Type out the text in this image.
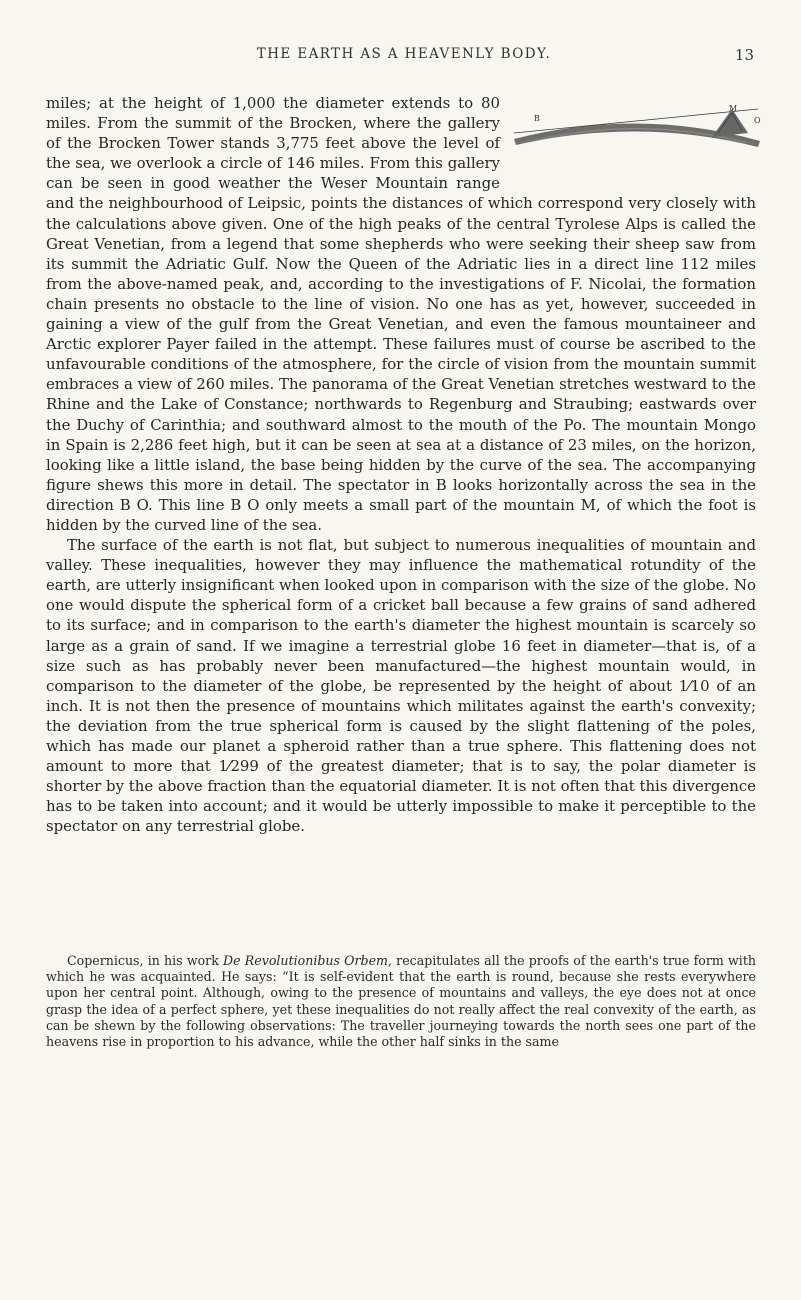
THE EARTH AS A HEAVENLY BODY.	13

B
M
O
miles; at the height of 1,000 the diameter extends to 80 miles. From the summit of the Brocken, where the gallery of the Brocken Tower stands 3,775 feet above the level of the sea, we overlook a circle of 146 miles. From this gallery can be seen in good weather the Weser Mountain range and the neighbourhood of Leipsic, points the distances of which correspond very closely with the calculations above given. One of the high peaks of the central Tyrolese Alps is called the Great Venetian, from a legend that some shepherds who were seeking their sheep saw from its summit the Adriatic Gulf. Now the Queen of the Adriatic lies in a direct line 112 miles from the above-named peak, and, according to the investigations of F. Nicolai, the formation chain presents no obstacle to the line of vision. No one has as yet, however, succeeded in gaining a view of the gulf from the Great Venetian, and even the famous mountaineer and Arctic explorer Payer failed in the attempt. These failures must of course be ascribed to the unfavourable conditions of the atmosphere, for the circle of vision from the mountain summit embraces a view of 260 miles. The panorama of the Great Venetian stretches westward to the Rhine and the Lake of Constance; northwards to Regenburg and Straubing; eastwards over the Duchy of Carinthia; and southward almost to the mouth of the Po. The mountain Mongo in Spain is 2,286 feet high, but it can be seen at sea at a distance of 23 miles, on the horizon, looking like a little island, the base being hidden by the curve of the sea. The accompanying figure shews this more in detail. The spectator in B looks horizontally across the sea in the direction B O. This line B O only meets a small part of the mountain M, of which the foot is hidden by the curved line of the sea.

The surface of the earth is not flat, but subject to numerous inequalities of mountain and valley. These inequalities, however they may influence the mathematical rotundity of the earth, are utterly insignificant when looked upon in comparison with the size of the globe. No one would dispute the spherical form of a cricket ball because a few grains of sand adhered to its surface; and in comparison to the earth's diameter the highest mountain is scarcely so large as a grain of sand. If we imagine a terrestrial globe 16 feet in diameter—that is, of a size such as has probably never been manufactured—the highest mountain would, in comparison to the diameter of the globe, be represented by the height of about 1⁄10 of an inch. It is not then the presence of mountains which militates against the earth's convexity; the deviation from the true spherical form is caused by the slight flattening of the poles, which has made our planet a spheroid rather than a true sphere. This flattening does not amount to more that 1⁄299 of the greatest diameter; that is to say, the polar diameter is shorter by the above fraction than the equatorial diameter. It is not often that this divergence has to be taken into account; and it would be utterly impossible to make it perceptible to the spectator on any terrestrial globe.

Copernicus, in his work De Revolutionibus Orbem, recapitulates all the proofs of the earth's true form with which he was acquainted. He says: “It is self-evident that the earth is round, because she rests everywhere upon her central point. Although, owing to the presence of mountains and valleys, the eye does not at once grasp the idea of a perfect sphere, yet these inequalities do not really affect the real convexity of the earth, as can be shewn by the following observations: The traveller journeying towards the north sees one part of the heavens rise in proportion to his advance, while the other half sinks in the same
